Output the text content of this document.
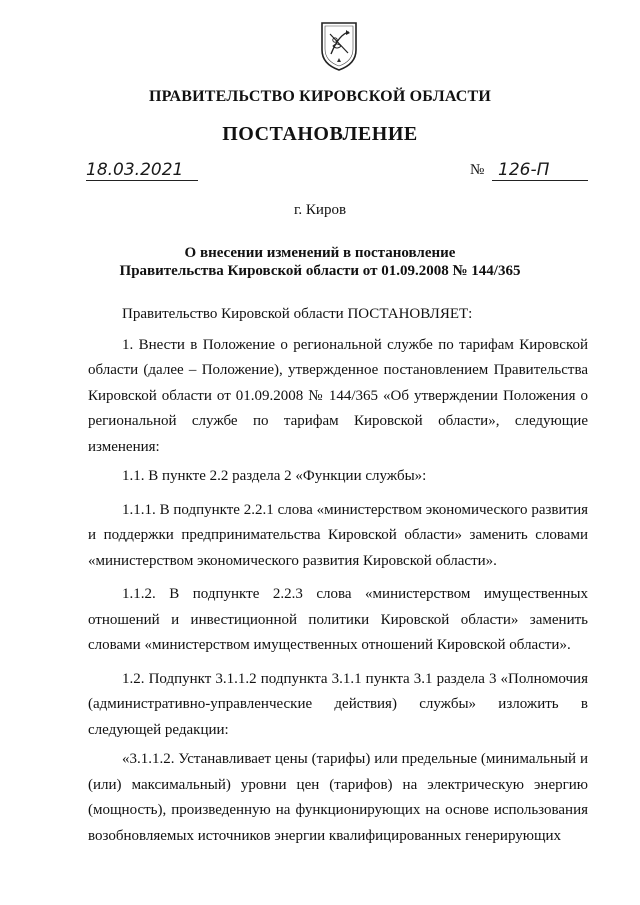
ПРАВИТЕЛЬСТВО КИРОВСКОЙ ОБЛАСТИ
ПОСТАНОВЛЕНИЕ
18.03.2021	№ 126-П
г. Киров
О внесении изменений в постановление
Правительства Кировской области от 01.09.2008 № 144/365

Правительство Кировской области ПОСТАНОВЛЯЕТ:

1. Внести в Положение о региональной службе по тарифам Кировской области (далее – Положение), утвержденное постановлением Правительства Кировской области от 01.09.2008 № 144/365 «Об утверждении Положения о региональной службе по тарифам Кировской области», следующие изменения:

1.1. В пункте 2.2 раздела 2 «Функции службы»:

1.1.1. В подпункте 2.2.1 слова «министерством экономического развития и поддержки предпринимательства Кировской области» заменить словами «министерством экономического развития Кировской области».

1.1.2. В подпункте 2.2.3 слова «министерством имущественных отношений и инвестиционной политики Кировской области» заменить словами «министерством имущественных отношений Кировской области».

1.2. Подпункт 3.1.1.2 подпункта 3.1.1 пункта 3.1 раздела 3 «Полномочия (административно-управленческие действия) службы» изложить в следующей редакции:

«3.1.1.2. Устанавливает цены (тарифы) или предельные (минимальный и (или) максимальный) уровни цен (тарифов) на электрическую энергию (мощность), произведенную на функционирующих на основе использования возобновляемых источников энергии квалифицированных генерирующих
